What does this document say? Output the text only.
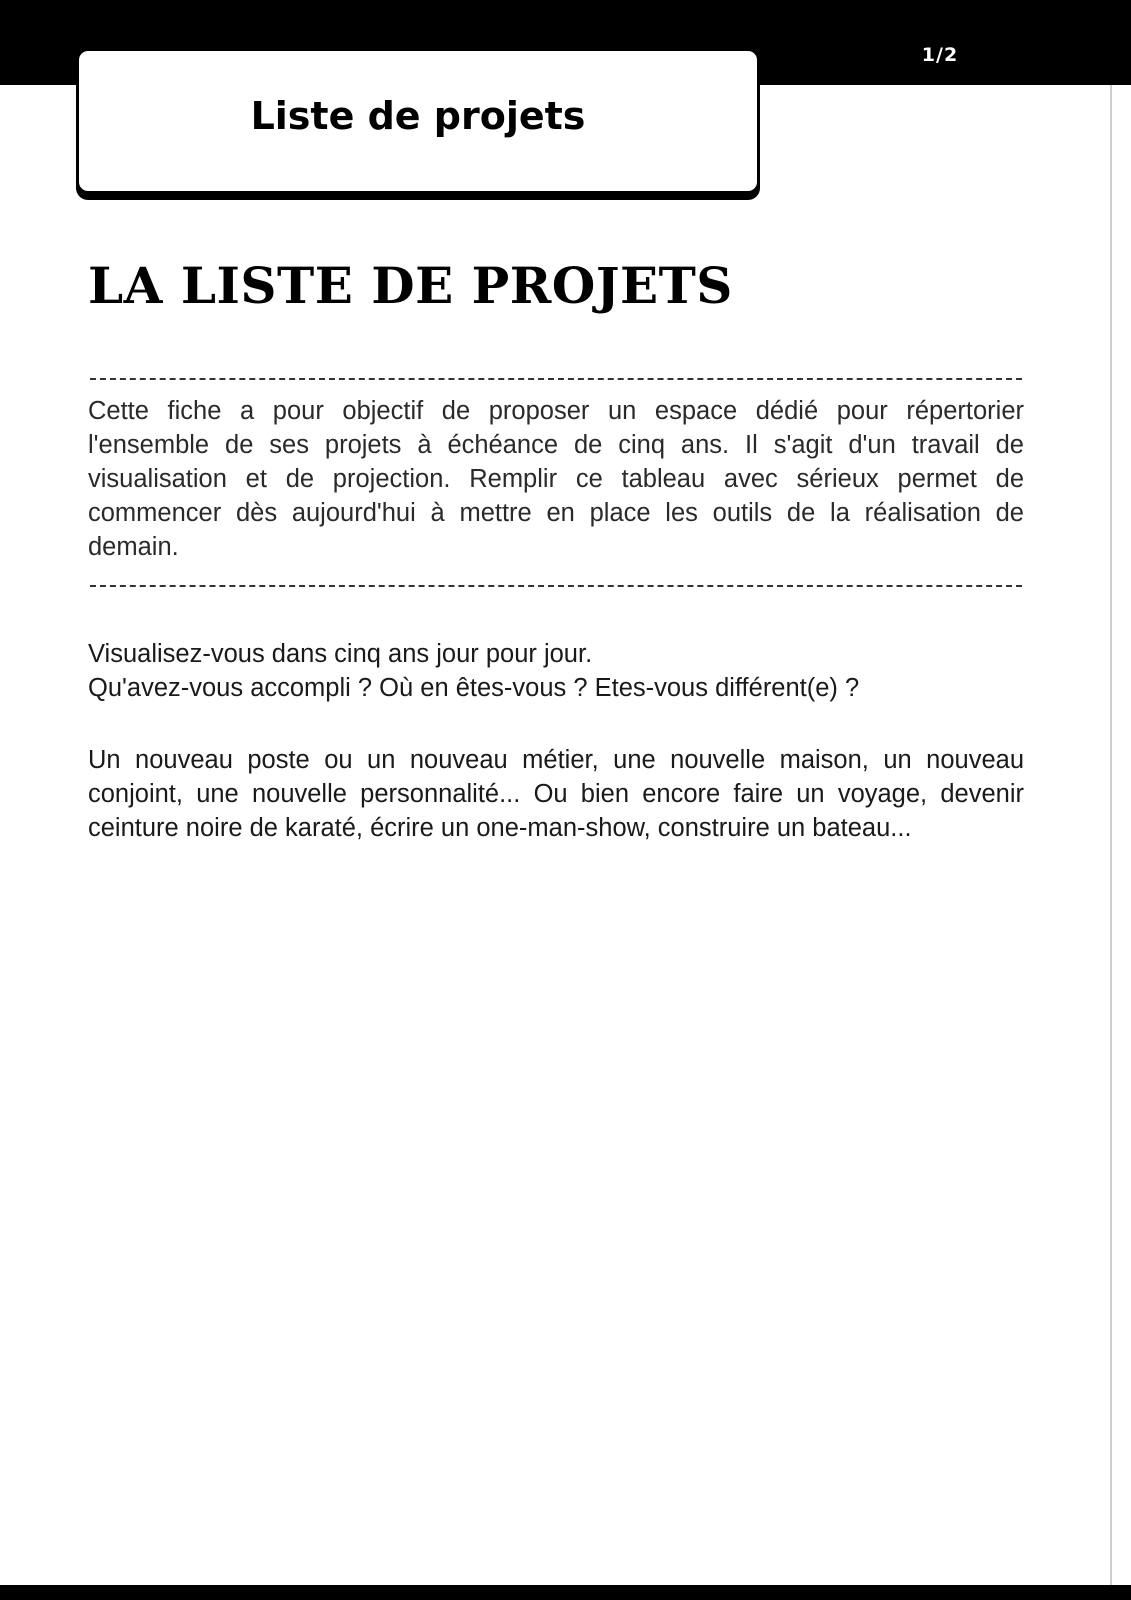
1/2
Liste de projets
LA LISTE DE PROJETS

Cette fiche a pour objectif de proposer un espace dédié pour répertorier l'ensemble de ses projets à échéance de cinq ans. Il s'agit d'un travail de visualisation et de projection. Remplir ce tableau avec sérieux permet de commencer dès aujourd'hui à mettre en place les outils de la réalisation de demain.

Visualisez-vous dans cinq ans jour pour jour.
Qu'avez-vous accompli ? Où en êtes-vous ? Etes-vous différent(e) ?

Un nouveau poste ou un nouveau métier, une nouvelle maison, un nouveau conjoint, une nouvelle personnalité... Ou bien encore faire un voyage, devenir ceinture noire de karaté, écrire un one-man-show, construire un bateau...
